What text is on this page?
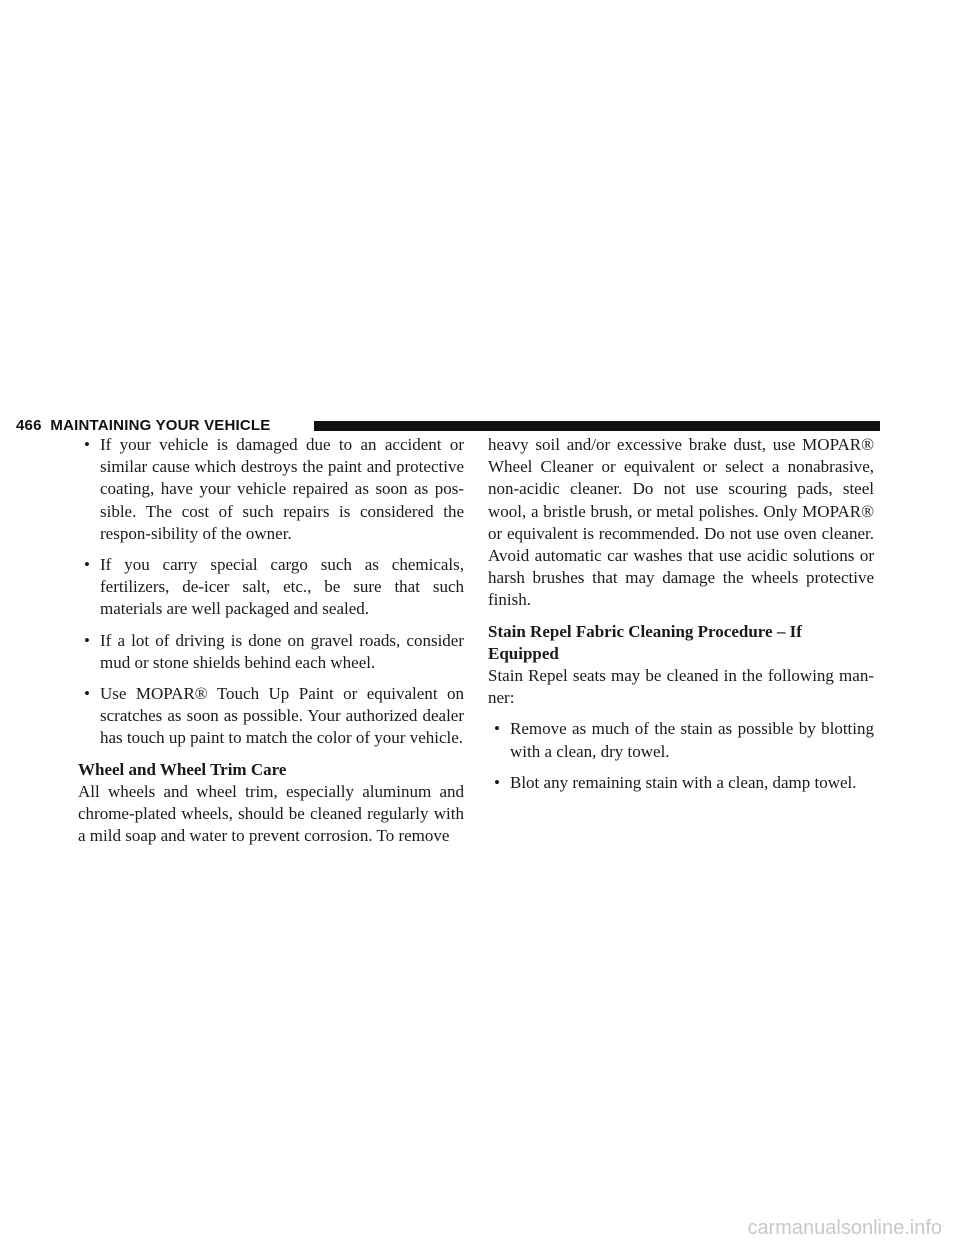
466 MAINTAINING YOUR VEHICLE
• If your vehicle is damaged due to an accident or similar cause which destroys the paint and protective coating, have your vehicle repaired as soon as pos-sible. The cost of such repairs is considered the respon-sibility of the owner.

• If you carry special cargo such as chemicals, fertilizers, de-icer salt, etc., be sure that such materials are well packaged and sealed.

• If a lot of driving is done on gravel roads, consider mud or stone shields behind each wheel.

• Use MOPAR® Touch Up Paint or equivalent on scratches as soon as possible. Your authorized dealer has touch up paint to match the color of your vehicle.

Wheel and Wheel Trim Care

All wheels and wheel trim, especially aluminum and chrome-plated wheels, should be cleaned regularly with a mild soap and water to prevent corrosion. To remove

heavy soil and/or excessive brake dust, use MOPAR® Wheel Cleaner or equivalent or select a nonabrasive, non-acidic cleaner. Do not use scouring pads, steel wool, a bristle brush, or metal polishes. Only MOPAR® or equivalent is recommended. Do not use oven cleaner. Avoid automatic car washes that use acidic solutions or harsh brushes that may damage the wheels protective finish.

Stain Repel Fabric Cleaning Procedure – If Equipped

Stain Repel seats may be cleaned in the following man-ner:

• Remove as much of the stain as possible by blotting with a clean, dry towel.

• Blot any remaining stain with a clean, damp towel.

carmanualsonline.info
